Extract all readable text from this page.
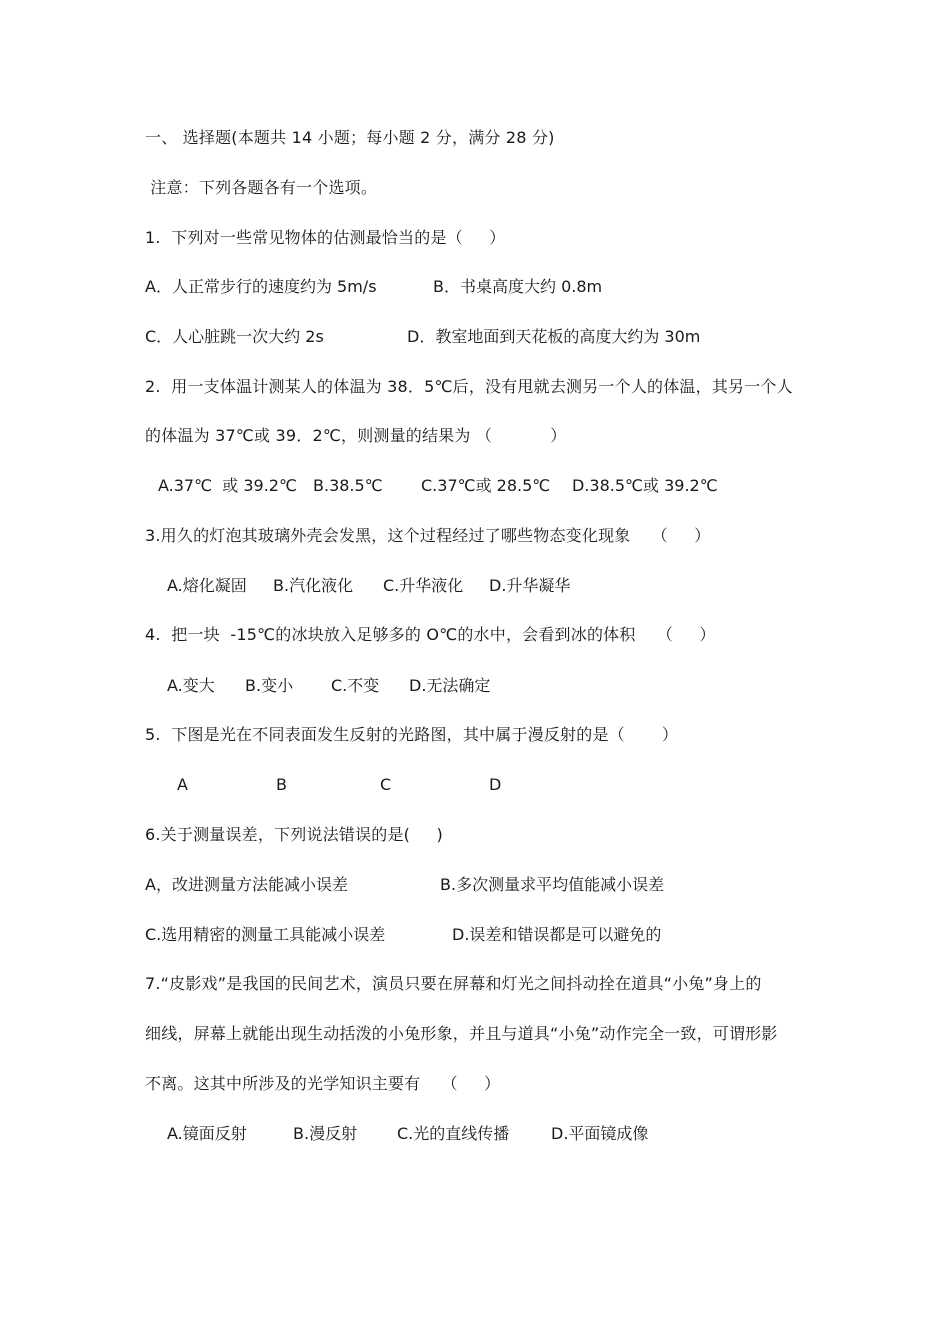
一、 选择题(本题共 14 小题；每小题 2 分，满分 28 分)
注意：下列各题各有一个选项。
1.  下列对一些常见物体的估测最恰当的是（     ）
A．人正常步行的速度约为 5m/s	B．书桌高度大约 0.8m
C．人心脏跳一次大约 2s	D．教室地面到天花板的高度大约为 30m
2.  用一支体温计测某人的体温为 38．5℃后，没有甩就去测另一个人的体温，其另一个人
的体温为 37℃或 39．2℃，则测量的结果为 （           ）
A.37℃  或 39.2℃ B.38.5℃ C.37℃或 28.5℃ D.38.5℃或 39.2℃
3.用久的灯泡其玻璃外壳会发黑，这个过程经过了哪些物态变化现象    （     ）
A.熔化凝固 B.汽化液化 C.升华液化 D.升华凝华
4.  把一块  -15℃的冰块放入足够多的 O℃的水中，会看到冰的体积    （     ）
A.变大 B.变小 C.不变 D.无法确定
5.  下图是光在不同表面发生反射的光路图，其中属于漫反射的是（       ）
A	B	C	D
6.关于测量误差，下列说法错误的是(     )
A，改进测量方法能减小误差	B.多次测量求平均值能减小误差
C.选用精密的测量工具能减小误差	D.误差和错误都是可以避免的
7.“皮影戏”是我国的民间艺术，演员只要在屏幕和灯光之间抖动拴在道具“小兔”身上的
细线，屏幕上就能出现生动括泼的小兔形象，并且与道具“小兔”动作完全一致，可谓形影
不离。这其中所涉及的光学知识主要有    （     ）
A.镜面反射	B.漫反射 C.光的直线传播	D.平面镜成像
